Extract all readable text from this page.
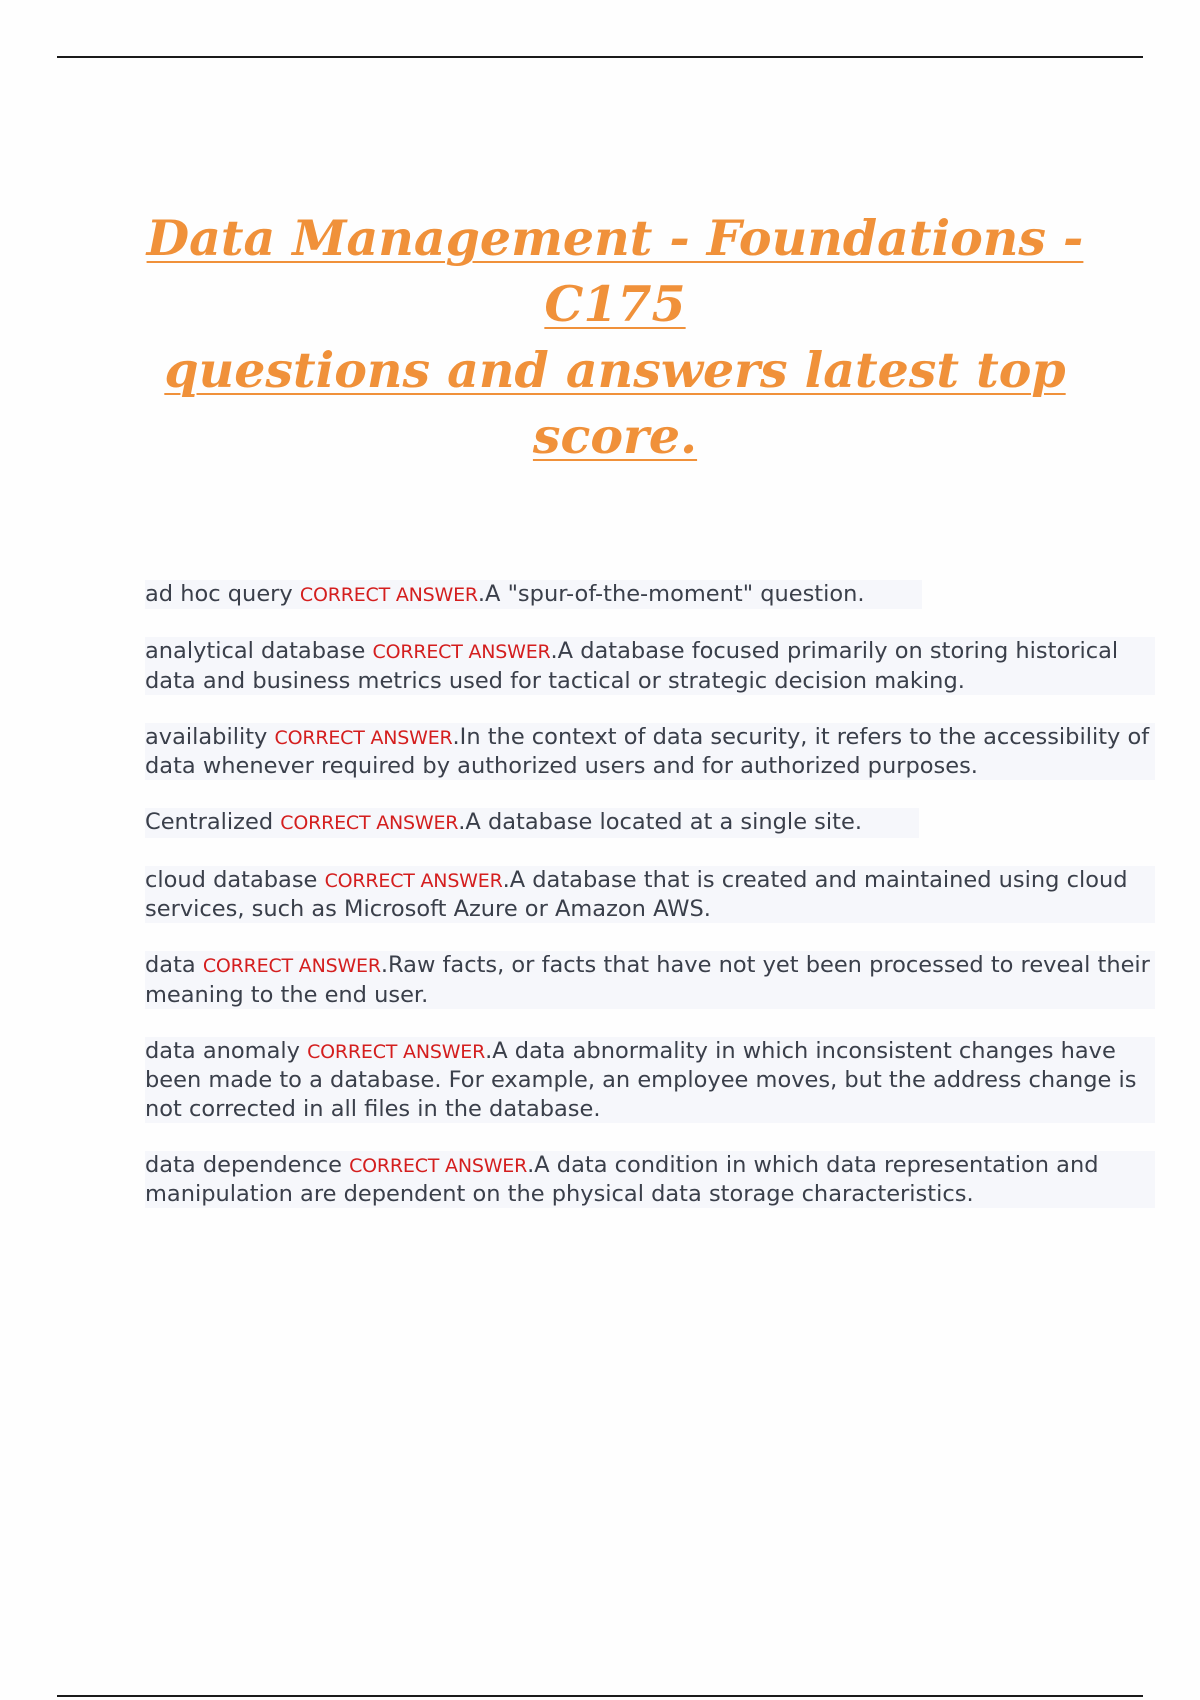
Data Management - Foundations - C175
questions and answers latest top score.
ad hoc query CORRECT ANSWER.A "spur-of-the-moment" question.
analytical database CORRECT ANSWER.A database focused primarily on storing historical data and business metrics used for tactical or strategic decision making.
availability CORRECT ANSWER.In the context of data security, it refers to the accessibility of data whenever required by authorized users and for authorized purposes.
Centralized CORRECT ANSWER.A database located at a single site.
cloud database CORRECT ANSWER.A database that is created and maintained using cloud services, such as Microsoft Azure or Amazon AWS.
data CORRECT ANSWER.Raw facts, or facts that have not yet been processed to reveal their meaning to the end user.
data anomaly CORRECT ANSWER.A data abnormality in which inconsistent changes have been made to a database. For example, an employee moves, but the address change is not corrected in all files in the database.
data dependence CORRECT ANSWER.A data condition in which data representation and manipulation are dependent on the physical data storage characteristics.
